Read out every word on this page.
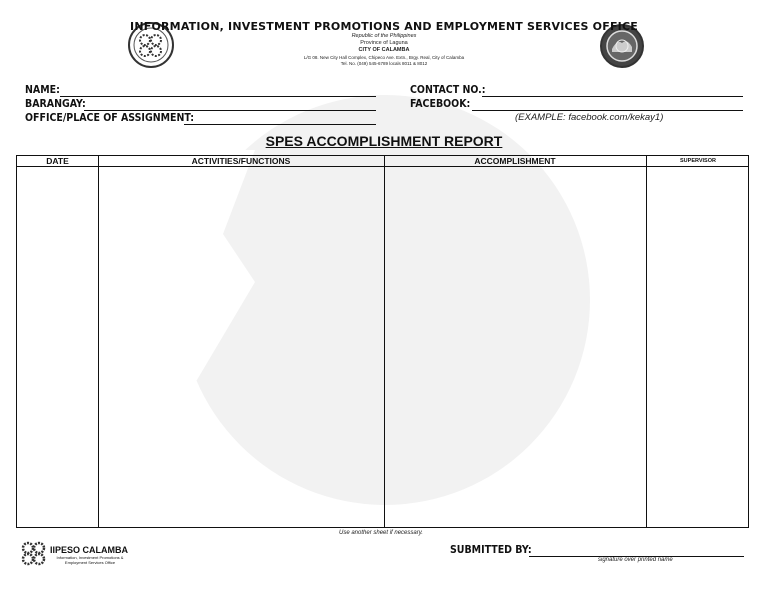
INFORMATION, INVESTMENT PROMOTIONS AND EMPLOYMENT SERVICES OFFICE
Republic of the Philippines
Province of Laguna
CITY OF CALAMBA
L/G 08. New City Hall Complex, Chipeco Ave. Extn., Brgy. Real, City of Calamba
Tel. No. (049) 545-6789 locals 8011 & 8012
NAME:
BARANGAY:
OFFICE/PLACE OF ASSIGNMENT:
CONTACT NO.:
FACEBOOK:
(EXAMPLE: facebook.com/kekay1)
SPES ACCOMPLISHMENT REPORT
DATE	ACTIVITIES/FUNCTIONS	ACCOMPLISHMENT	SUPERVISOR
Use another sheet if necessary.
IIPESO CALAMBA
Information, Investment Promotions &
Employment Services Office
SUBMITTED BY:
signature over printed name
